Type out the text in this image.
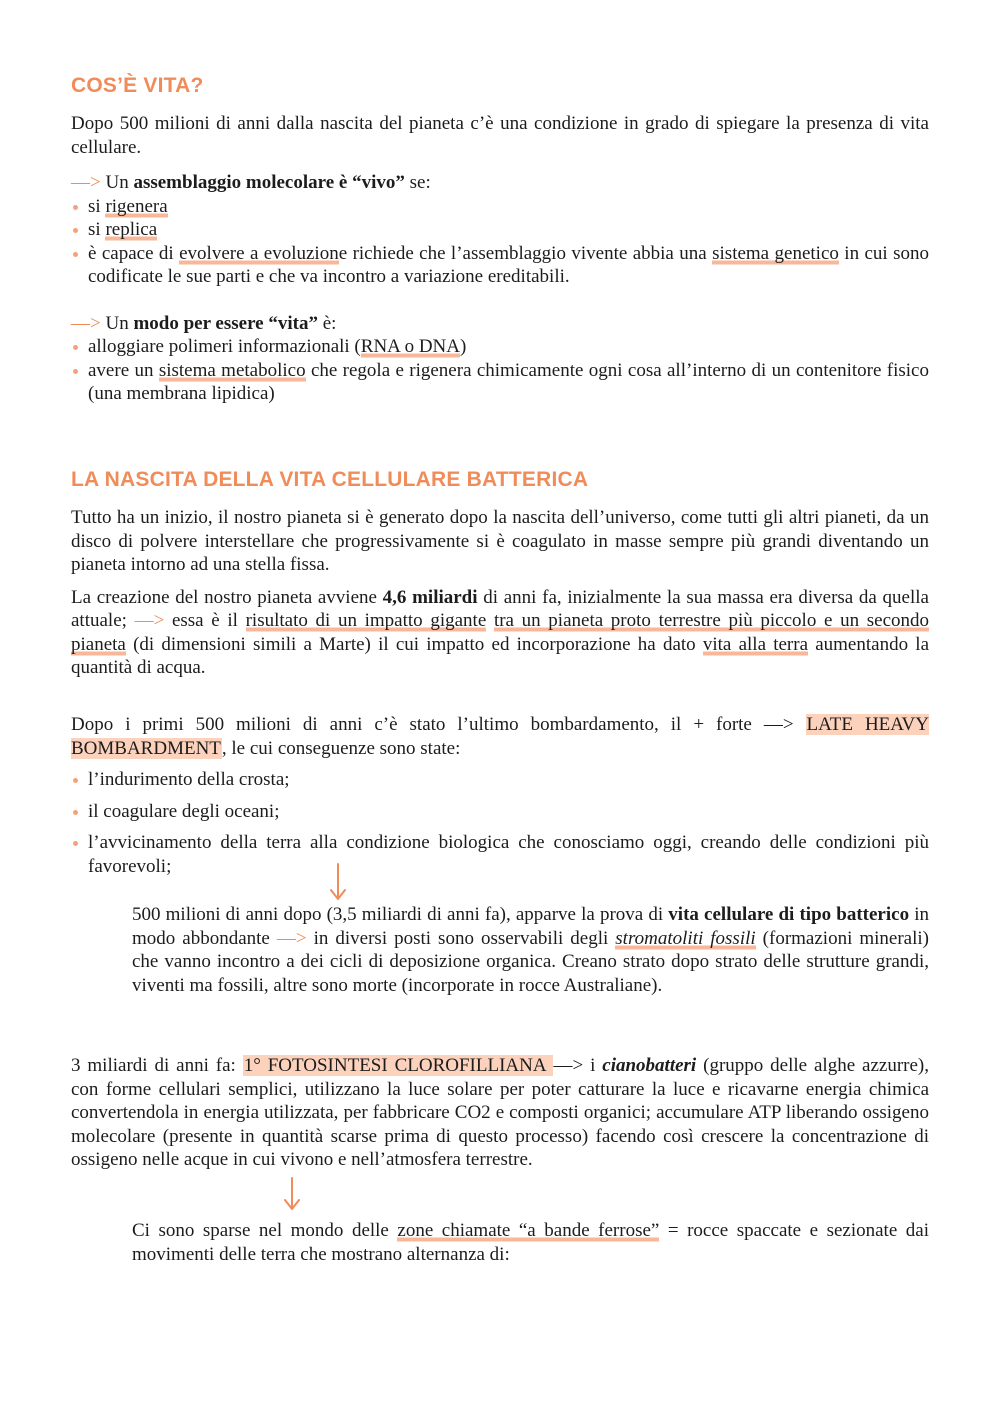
COS’È VITA?

Dopo 500 milioni di anni dalla nascita del pianeta c’è una condizione in grado di spiegare la presenza di vita cellulare.

—> Un assemblaggio molecolare è “vivo” se:

si rigenera
si replica
è capace di evolvere a evoluzione richiede che l’assemblaggio vivente abbia una sistema genetico in cui sono codificate le sue parti e che va incontro a variazione ereditabili.

—> Un modo per essere “vita” è:

alloggiare polimeri informazionali (RNA o DNA)
avere un sistema metabolico che regola e rigenera chimicamente ogni cosa all’interno di un contenitore fisico (una membrana lipidica)
LA NASCITA DELLA VITA CELLULARE BATTERICA

Tutto ha un inizio, il nostro pianeta si è generato dopo la nascita dell’universo, come tutti gli altri pianeti, da un disco di polvere interstellare che progressivamente si è coagulato in masse sempre più grandi diventando un pianeta intorno ad una stella fissa.

La creazione del nostro pianeta avviene 4,6 miliardi di anni fa, inizialmente la sua massa era diversa da quella attuale; —> essa è il risultato di un impatto gigante tra un pianeta proto terrestre più piccolo e un secondo pianeta (di dimensioni simili a Marte) il cui impatto ed incorporazione ha dato vita alla terra aumentando la quantità di acqua.

Dopo i primi 500 milioni di anni c’è stato l’ultimo bombardamento, il + forte —> LATE HEAVY BOMBARDMENT, le cui conseguenze sono state:

l’indurimento della crosta;
il coagulare degli oceani;
l’avvicinamento della terra alla condizione biologica che conosciamo oggi, creando delle condizioni più favorevoli;

500 milioni di anni dopo (3,5 miliardi di anni fa), apparve la prova di vita cellulare di tipo batterico in modo abbondante —> in diversi posti sono osservabili degli stromatoliti fossili (formazioni minerali) che vanno incontro a dei cicli di deposizione organica. Creano strato dopo strato delle strutture grandi, viventi ma fossili, altre sono morte (incorporate in rocce Australiane).

3 miliardi di anni fa: 1° FOTOSINTESI CLOROFILLIANA —> i cianobatteri (gruppo delle alghe azzurre), con forme cellulari semplici, utilizzano la luce solare per poter catturare la luce e ricavarne energia chimica convertendola in energia utilizzata, per fabbricare CO2 e composti organici; accumulare ATP liberando ossigeno molecolare (presente in quantità scarse prima di questo processo) facendo così crescere la concentrazione di ossigeno nelle acque in cui vivono e nell’atmosfera terrestre.

Ci sono sparse nel mondo delle zone chiamate “a bande ferrose” = rocce spaccate e sezionate dai movimenti delle terra che mostrano alternanza di:
